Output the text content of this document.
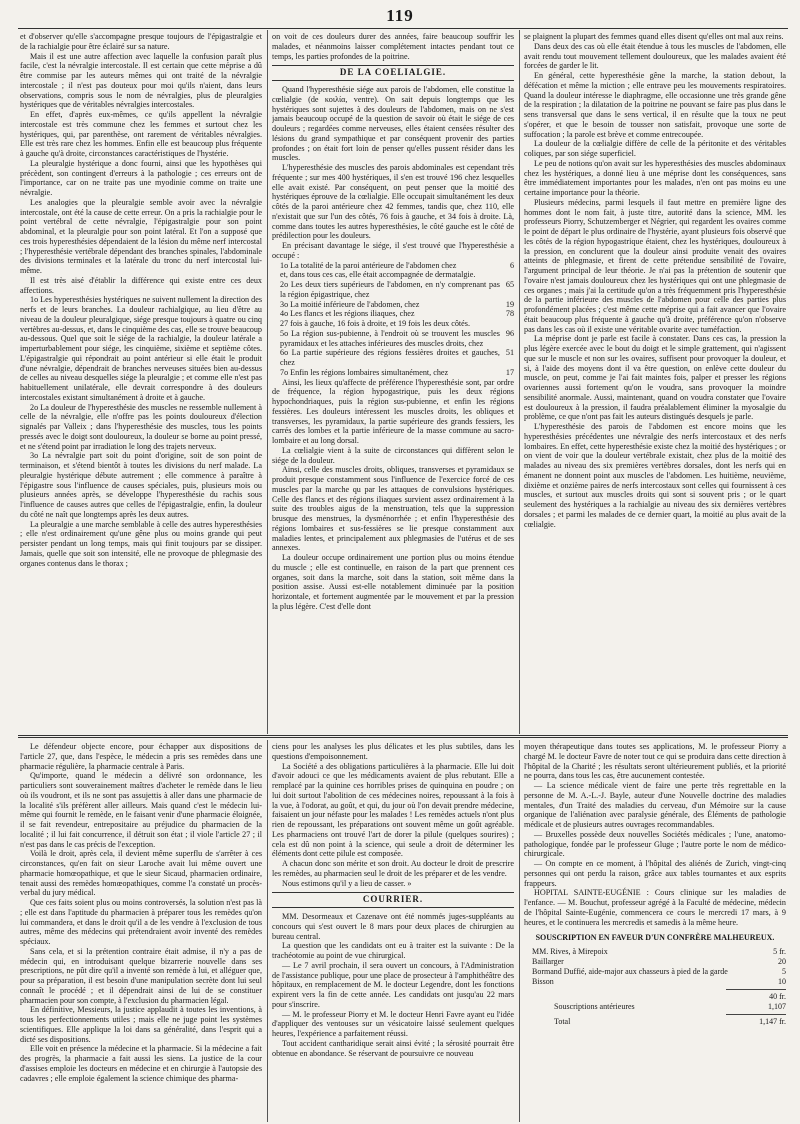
119

et d'observer qu'elle s'accompagne presque toujours de l'épigastralgie et de la rachialgie pour être éclairé sur sa nature.

Mais il est une autre affection avec laquelle la confusion paraît plus facile, c'est la névralgie intercostale. Il est certain que cette méprise a dû être commise par les auteurs mêmes qui ont traité de la névralgie intercostale ; il n'est pas douteux pour moi qu'ils n'aient, dans leurs observations, compris sous le nom de névralgies, plus de pleuralgies hystériques que de véritables névralgies intercostales.

En effet, d'après eux-mêmes, ce qu'ils appellent la névralgie intercostale est très commune chez les femmes et surtout chez les hystériques, qui, par parenthèse, ont rarement de véritables névralgies. Elle est très rare chez les hommes. Enfin elle est beaucoup plus fréquente à gauche qu'à droite, circonstances caractéristiques de l'hystérie.

La pleuralgie hystérique a donc fourni, ainsi que les hypothèses qui précèdent, son contingent d'erreurs à la pathologie ; ces erreurs ont de l'importance, car on ne traite pas une myodinie comme on traite une névralgie.

Les analogies que la pleuralgie semble avoir avec la névralgie intercostale, ont été la cause de cette erreur. On a pris la rachialgie pour le point vertébral de cette névralgie, l'épigastralgie pour son point abdominal, et la pleuralgie pour son point latéral. Et l'on a supposé que ces trois hyperesthésies dépendaient de la lésion du même nerf intercostal ; l'hyperesthésie vertébrale dépendant des branches spinales, l'abdominale des divisions terminales et la latérale du tronc du nerf intercostal lui-même.

Il est très aisé d'établir la différence qui existe entre ces deux affections.

1o Les hyperesthésies hystériques ne suivent nullement la direction des nerfs et de leurs branches. La douleur rachialgique, au lieu d'être au niveau de la douleur pleuralgique, siége presque toujours à quatre ou cinq vertèbres au-dessus, et, dans le cinquième des cas, elle se trouve beaucoup au-dessous. Quel que soit le siége de la rachialgie, la douleur latérale a imperturbablement pour siége, les cinquième, sixième et septième côtes. L'épigastralgie qui répondrait au point antérieur si elle était le produit d'une névralgie, dépendrait de branches nerveuses situées bien au-dessus de celles au niveau desquelles siége la pleuralgie ; et comme elle n'est pas habituellement unilatérale, elle devrait correspondre à des douleurs intercostales existant simultanément à droite et à gauche.

2o La douleur de l'hyperesthésie des muscles ne ressemble nullement à celle de la névralgie, elle n'offre pas les points douloureux d'élection signalés par Valleix ; dans l'hyperesthésie des muscles, tous les points pressés avec le doigt sont douloureux, la douleur se borne au point pressé, et ne s'étend point par irradiation le long des trajets nerveux.

3o La névralgie part soit du point d'origine, soit de son point de terminaison, et s'étend bientôt à toutes les divisions du nerf malade. La pleuralgie hystérique débute autrement ; elle commence à paraître à l'épigastre sous l'influence de causes spéciales, puis, plusieurs mois ou plusieurs années après, se développe l'hyperesthésie du rachis sous l'influence de causes autres que celles de l'épigastralgie, enfin, la douleur du côté ne naît que longtemps après les deux autres.

La pleuralgie a une marche semblable à celle des autres hyperesthésies ; elle n'est ordinairement qu'une gêne plus ou moins grande qui peut persister pendant un long temps, mais qui finit toujours par se dissiper. Jamais, quelle que soit son intensité, elle ne provoque de phlegmasie des organes contenus dans le thorax ;

on voit de ces douleurs durer des années, faire beaucoup souffrir les malades, et néanmoins laisser complétement intactes pendant tout ce temps, les parties profondes de la poitrine.

DE LA COELIALGIE.

Quand l'hyperesthésie siége aux parois de l'abdomen, elle constitue la cœlialgie (de κοιλία, ventre). On sait depuis longtemps que les hystériques sont sujettes à des douleurs de l'abdomen, mais on ne s'est jamais beaucoup occupé de la question de savoir où était le siége de ces douleurs ; regardées comme nerveuses, elles étaient censées résulter des lésions du grand sympathique et par conséquent provenir des parties profondes ; on était fort loin de penser qu'elles pussent résider dans les muscles.

L'hyperesthésie des muscles des parois abdominales est cependant très fréquente ; sur mes 400 hystériques, il s'en est trouvé 196 chez lesquelles elle avait existé. Par conséquent, on peut penser que la moitié des hystériques éprouve de la cœlialgie. Elle occupait simultanément les deux côtés de la paroi antérieure chez 42 femmes, tandis que, chez 110, elle n'existait que sur l'un des côtés, 76 fois à gauche, et 34 fois à droite. Là, comme dans toutes les autres hyperesthésies, le côté gauche est le côté de prédilection pour les douleurs.

En précisant davantage le siége, il s'est trouvé que l'hyperesthésie a occupé :

1o La totalité de la paroi antérieure de l'abdomen chez	6
et, dans tous ces cas, elle était accompagnée de dermatalgie.
2o Les deux tiers supérieurs de l'abdomen, en n'y comprenant pas la région épigastrique, chez
65
3o La moitié inférieure de l'abdomen, chez	19
4o Les flancs et les régions iliaques, chez	78
27 fois à gauche, 16 fois à droite, et 19 fois les deux côtés.
5o La région sus-pubienne, à l'endroit où se trouvent les muscles pyramidaux et les attaches inférieures des muscles droits, chez
96
6o La partie supérieure des régions fessières droites et gauches, chez
51
7o Enfin les régions lombaires simultanément, chez	17

Ainsi, les lieux qu'affecte de préférence l'hyperesthésie sont, par ordre de fréquence, la région hypogastrique, puis les deux régions hypochondriaques, puis la région sus-pubienne, et enfin les régions fessières. Les douleurs intéressent les muscles droits, les obliques et transverses, les pyramidaux, la partie supérieure des grands fessiers, les carrés des lombes et la partie inférieure de la masse commune au sacro-lombaire et au long dorsal.

La cœlialgie vient à la suite de circonstances qui diffèrent selon le siége de la douleur.

Ainsi, celle des muscles droits, obliques, transverses et pyramidaux se produit presque constamment sous l'influence de l'exercice forcé de ces muscles par la marche qu par les attaques de convulsions hystériques. Celle des flancs et des régions iliaques survient assez ordinairement à la suite des troubles aigus de la menstruation, tels que la suppression brusque des menstrues, la dysménorrhée ; et enfin l'hyperesthésie des régions lombaires et sus-fessières se lie presque constamment aux maladies lentes, et principalement aux phlegmasies de l'utérus et de ses annexes.

La douleur occupe ordinairement une portion plus ou moins étendue du muscle ; elle est continuelle, en raison de la part que prennent ces organes, soit dans la marche, soit dans la station, soit même dans la position assise. Aussi est-elle notablement diminuée par la position horizontale, et fortement augmentée par le mouvement et par la pression la plus légère. C'est d'elle dont

se plaignent la plupart des femmes quand elles disent qu'elles ont mal aux reins.

Dans deux des cas où elle était étendue à tous les muscles de l'abdomen, elle avait rendu tout mouvement tellement douloureux, que les malades avaient été forcées de garder le lit.

En général, cette hyperesthésie gêne la marche, la station debout, la défécation et même la miction ; elle entrave peu les mouvements respiratoires. Quand la douleur intéresse le diaphragme, elle occasionne une très grande gêne de la respiration ; la dilatation de la poitrine ne pouvant se faire pas plus dans le sens transversal que dans le sens vertical, il en résulte que la toux ne peut s'opérer, et que le besoin de tousser non satisfait, provoque une sorte de suffocation ; la parole est brève et comme entrecoupée.

La douleur de la cœlialgie diffère de celle de la péritonite et des véritables coliques, par son siége superficiel.

Le peu de notions qu'on avait sur les hyperesthésies des muscles abdominaux chez les hystériques, a donné lieu à une méprise dont les conséquences, sans être immédiatement importantes pour les malades, n'en ont pas moins eu une certaine importance pour la théorie.

Plusieurs médecins, parmi lesquels il faut mettre en première ligne des hommes dont le nom fait, à juste titre, autorité dans la science, MM. les professeurs Piorry, Schutzemberger et Négrier, qui regardent les ovaires comme le point de départ le plus ordinaire de l'hystérie, ayant plusieurs fois observé que les côtés de la région hypogastrique étaient, chez les hystériques, douloureux à la pression, en conclurent que la douleur ainsi produite venait des ovaires atteints de phlegmasie, et firent de cette prétendue sensibilité de l'ovaire, l'argument principal de leur théorie. Je n'ai pas la prétention de soutenir que l'ovaire n'est jamais douloureux chez les hystériques qui ont une phlegmasie de ces organes ; mais j'ai la certitude qu'on a très fréquemment pris l'hyperesthésie de la partie inférieure des muscles de l'abdomen pour celle des parties plus profondément placées ; c'est même cette méprise qui a fait avancer que l'ovaire était beaucoup plus fréquente à gauche qu'à droite, préférence qu'on n'observe pas dans les cas où il existe une véritable ovarite avec tuméfaction.

La méprise dont je parle est facile à constater. Dans ces cas, la pression la plus légère exercée avec le bout du doigt et le simple grattement, qui n'agissent que sur le muscle et non sur les ovaires, suffisent pour provoquer la douleur, et si, à l'aide des moyens dont il va être question, on enlève cette douleur du muscle, on peut, comme je l'ai fait maintes fois, palper et presser les régions ovariennes aussi fortement qu'on le voudra, sans provoquer la moindre sensibilité anormale. Aussi, maintenant, quand on voudra constater que l'ovaire est douloureux à la pression, il faudra préalablement éliminer la myosalgie du problème, ce que n'ont pas fait les auteurs distingués desquels je parle.

L'hyperesthésie des parois de l'abdomen est encore moins que les hyperesthésies précédentes une névralgie des nerfs intercostaux et des nerfs lombaires. En effet, cette hyperesthésie existe chez la moitié des hystériques ; or on vient de voir que la douleur vertébrale existait, chez plus de la moitié des malades au niveau des six premières vertèbres dorsales, dont les nerfs qui en émanent ne donnent point aux muscles de l'abdomen. Les huitième, neuvième, dixième et onzième paires de nerfs intercostaux sont celles qui fournissent à ces muscles, et surtout aux muscles droits qui sont si souvent pris ; or le quart seulement des hystériques a la rachialgie au niveau des six dernières vertèbres dorsales ; et parmi les malades de ce dernier quart, la moitié au plus avait de la cœlialgie.

Le défendeur objecte encore, pour échapper aux dispositions de l'article 27, que, dans l'espèce, le médecin a pris ses remèdes dans une pharmacie régulière, la pharmacie centrale à Paris.

Qu'importe, quand le médecin a délivré son ordonnance, les particuliers sont souverainement maîtres d'acheter le remède dans le lieu où ils voudront, et ils ne sont pas assujettis à aller dans une pharmacie de la localité s'ils préfèrent aller ailleurs. Mais quand c'est le médecin lui-même qui fournit le remède, en le faisant venir d'une pharmacie éloignée, il se fait revendeur, entrepositaire au préjudice du pharmacien de la localité ; il lui fait concurrence, il détruit son état ; il viole l'article 27 ; il n'est pas dans le cas précis de l'exception.

Voilà le droit, après cela, il devient même superflu de s'arrêter à ces circonstances, qu'en fait on sieur Laroche avait lui même ouvert une pharmacie homœopathique, et que le sieur Sicaud, pharmacien ordinaire, tenait aussi des remèdes homœopathiques, comme l'a constaté un procès-verbal du jury médical.

Que ces faits soient plus ou moins controversés, la solution n'est pas là ; elle est dans l'aptitude du pharmacien à préparer tous les remèdes qu'on lui commandera, et dans le droit qu'il a de les vendre à l'exclusion de tous autres, même des médecins qui prétendraient avoir inventé des remèdes spéciaux.

Sans cela, et si la prétention contraire était admise, il n'y a pas de médecin qui, en introduisant quelque bizarrerie nouvelle dans ses prescriptions, ne pût dire qu'il a inventé son remède à lui, et alléguer que, pour sa préparation, il est besoin d'une manipulation secrète dont lui seul connaît le procédé ; et il dépendrait ainsi de lui de se constituer pharmacien pour son compte, à l'exclusion du pharmacien légal.

En définitive, Messieurs, la justice applaudit à toutes les inventions, à tous les perfectionnements utiles ; mais elle ne juge point les systèmes scientifiques. Elle applique la loi dans sa généralité, dans l'esprit qui a dicté ses dispositions.

Elle voit en présence la médecine et la pharmacie. Si la médecine a fait des progrès, la pharmacie a fait aussi les siens. La justice de la cour d'assises emploie les docteurs en médecine et en chirurgie à l'autopsie des cadavres ; elle emploie également la science chimique des pharma-

ciens pour les analyses les plus délicates et les plus subtiles, dans les questions d'empoisonnement.

La Société a des obligations particulières à la pharmacie. Elle lui doit d'avoir adouci ce que les médicaments avaient de plus rebutant. Elle a remplacé par la quinine ces horribles prises de quinquina en poudre ; on lui doit surtout l'abolition de ces médecines noires, repoussant à la fois à la vue, à l'odorat, au goût, et qui, du jour où l'on devait prendre médecine, faisaient un jour néfaste pour les malades ! Les remèdes actuels n'ont plus rien de repoussant, les préparations ont souvent même un goût agréable. Les pharmaciens ont trouvé l'art de dorer la pilule (quelques sourires) ; cela est dû non point à la science, qui seule a droit de déterminer les éléments dont cette pilule est composée.

A chacun donc son mérite et son droit. Au docteur le droit de prescrire les remèdes, au pharmacien seul le droit de les préparer et de les vendre.

Nous estimons qu'il y a lieu de casser. »

COURRIER.

MM. Desormeaux et Cazenave ont été nommés juges-suppléants au concours qui s'est ouvert le 8 mars pour deux places de chirurgien au bureau central.

La question que les candidats ont eu à traiter est la suivante : De la trachéotomie au point de vue chirurgical.

— Le 7 avril prochain, il sera ouvert un concours, à l'Administration de l'assistance publique, pour une place de prosecteur à l'amphithéâtre des hôpitaux, en remplacement de M. le docteur Legendre, dont les fonctions expirent vers la fin de cette année. Les candidats ont jusqu'au 22 mars pour s'inscrire.

— M. le professeur Piorry et M. le docteur Henri Favre ayant eu l'idée d'appliquer des ventouses sur un vésicatoire laissé seulement quelques heures, l'expérience a parfaitement réussi.

Tout accident cantharidique serait ainsi évité ; la sérosité pourrait être obtenue en abondance. Se réservant de poursuivre ce nouveau

moyen thérapeutique dans toutes ses applications, M. le professeur Piorry a chargé M. le docteur Favre de noter tout ce qui se produira dans cette direction à l'hôpital de la Charité ; les résultats seront ultérieurement publiés, et la priorité ne pourra, dans tous les cas, être aucunement contestée.

— La science médicale vient de faire une perte très regrettable en la personne de M. A.-L.-J. Bayle, auteur d'une Nouvelle doctrine des maladies mentales, d'un Traité des maladies du cerveau, d'un Mémoire sur la cause organique de l'aliénation avec paralysie générale, des Éléments de pathologie médicale et de plusieurs autres ouvrages recommandables.

— Bruxelles possède deux nouvelles Sociétés médicales ; l'une, anatomo-pathologique, fondée par le professeur Gluge ; l'autre porte le nom de médico-chirurgicale.

— On compte en ce moment, à l'hôpital des aliénés de Zurich, vingt-cinq personnes qui ont perdu la raison, grâce aux tables tournantes et aux esprits frappeurs.

HOPITAL SAINTE-EUGÉNIE : Cours clinique sur les maladies de l'enfance. — M. Bouchut, professeur agrégé à la Faculté de médecine, médecin de l'hôpital Sainte-Eugénie, commencera ce cours le mercredi 17 mars, à 9 heures, et le continuera les mercredis et samedis à la même heure.

SOUSCRIPTION EN FAVEUR D'UN CONFRÈRE MALHEUREUX.
MM. Rives, à Mirepoix	5 fr.
Baillarger	20
Bormand Duffié, aide-major aux chasseurs à pied de la garde	5
Bisson	10
40 fr.
Souscriptions antérieures	1,107
Total	1,147 fr.
